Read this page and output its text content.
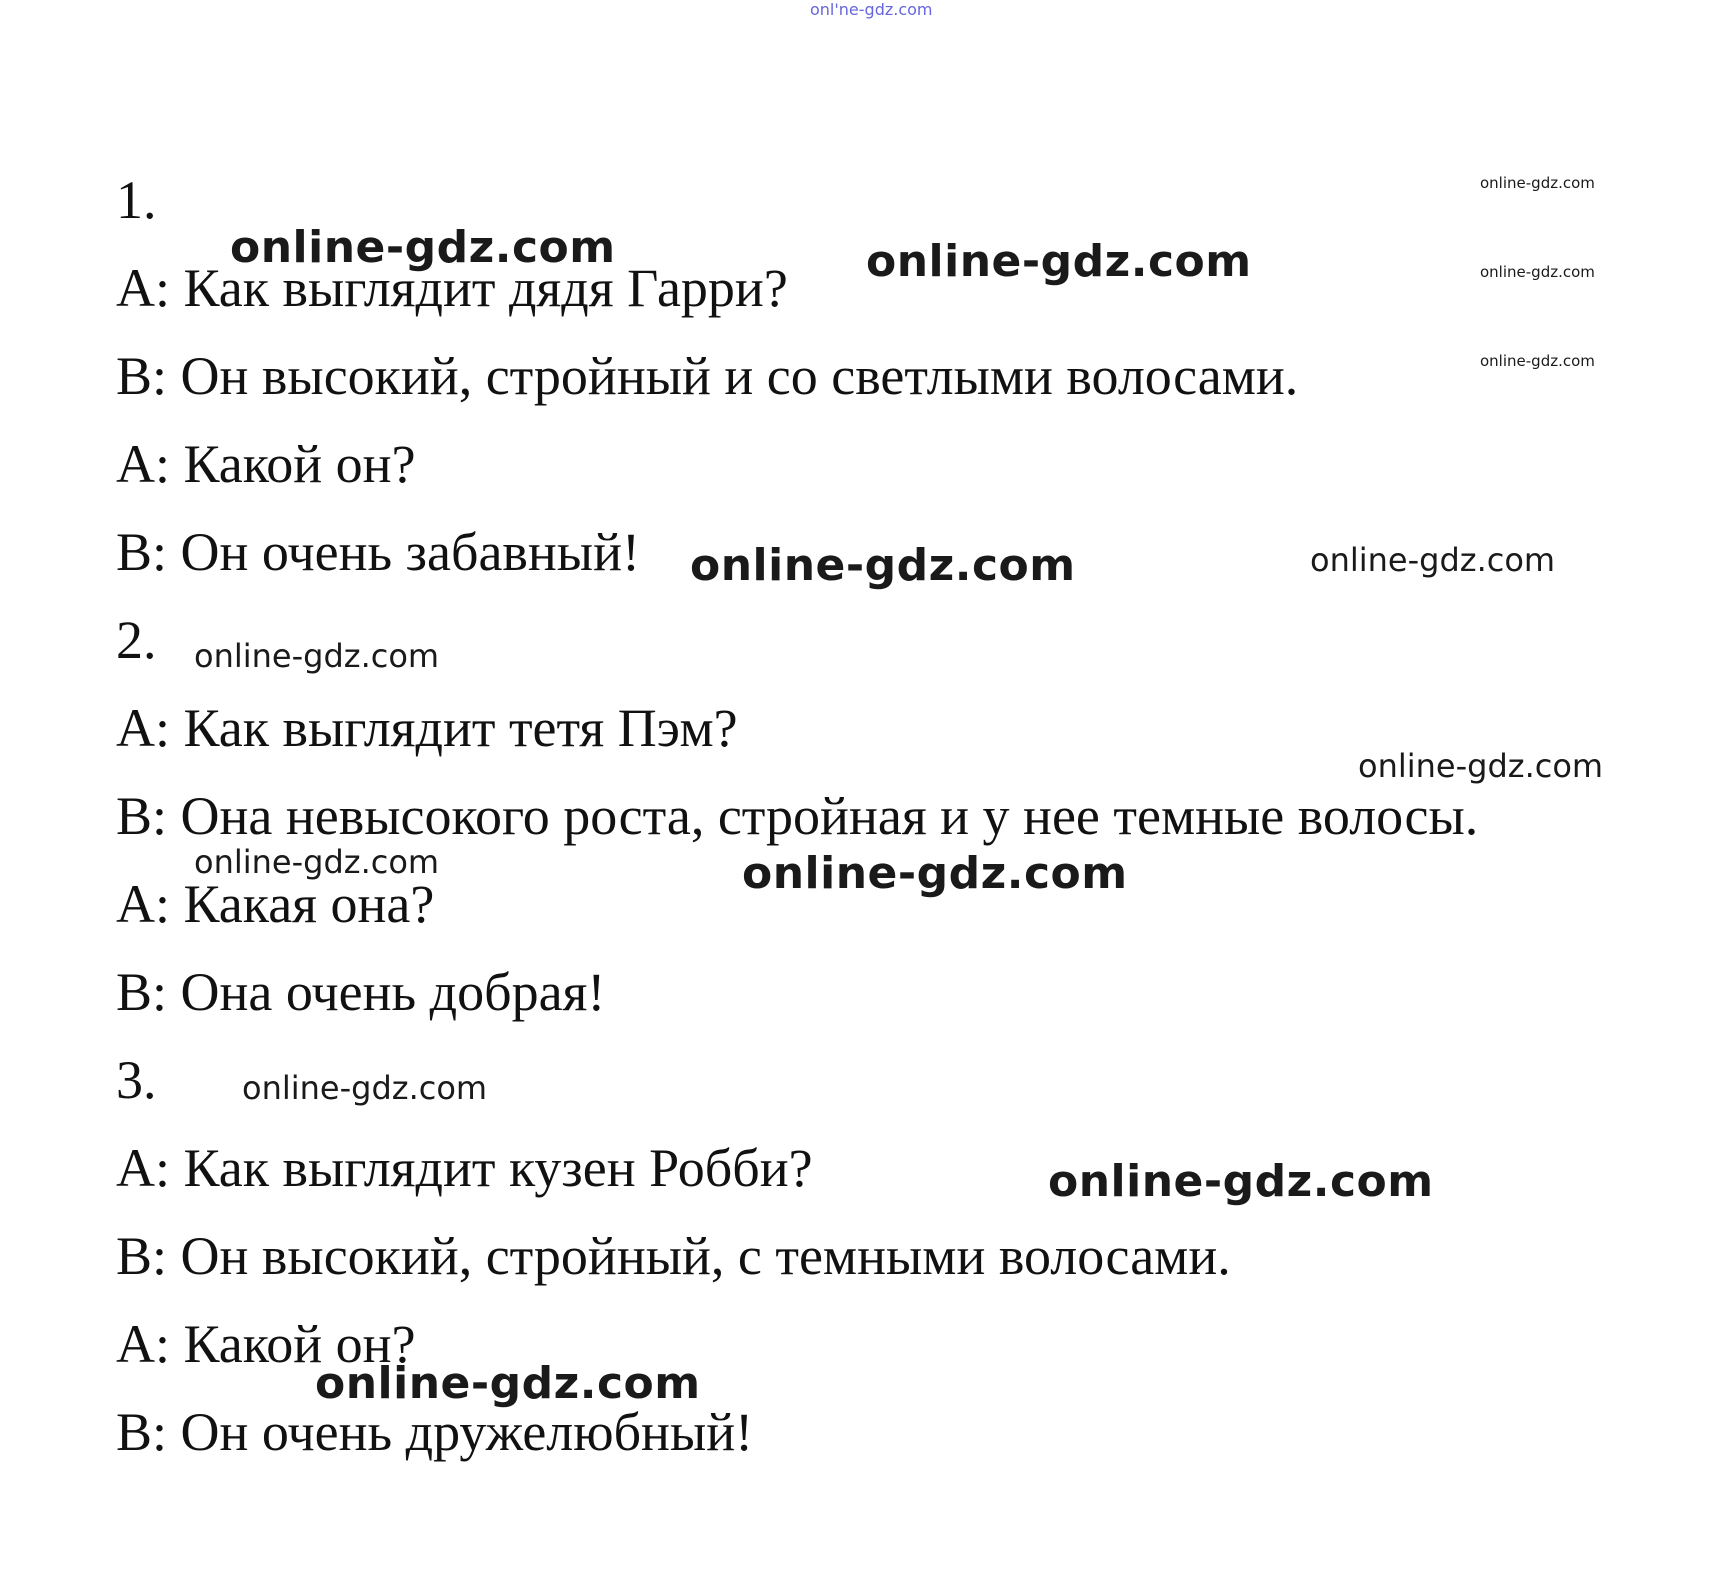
onl'ne-gdz.com
1.
А: Как выглядит дядя Гарри?
В: Он высокий, стройный и со светлыми волосами.
А: Какой он?
В: Он очень забавный!
2.
А: Как выглядит тетя Пэм?
В: Она невысокого роста, стройная и у нее темные волосы.
А: Какая она?
В: Она очень добрая!
3.
А: Как выглядит кузен Робби?
В: Он высокий, стройный, с темными волосами.
А: Какой он?
В: Он очень дружелюбный!
online-gdz.com
online-gdz.com
online-gdz.com
online-gdz.com	online-gdz.com
online-gdz.com	online-gdz.com
online-gdz.com
online-gdz.com
online-gdz.com	online-gdz.com
online-gdz.com
online-gdz.com
online-gdz.com
